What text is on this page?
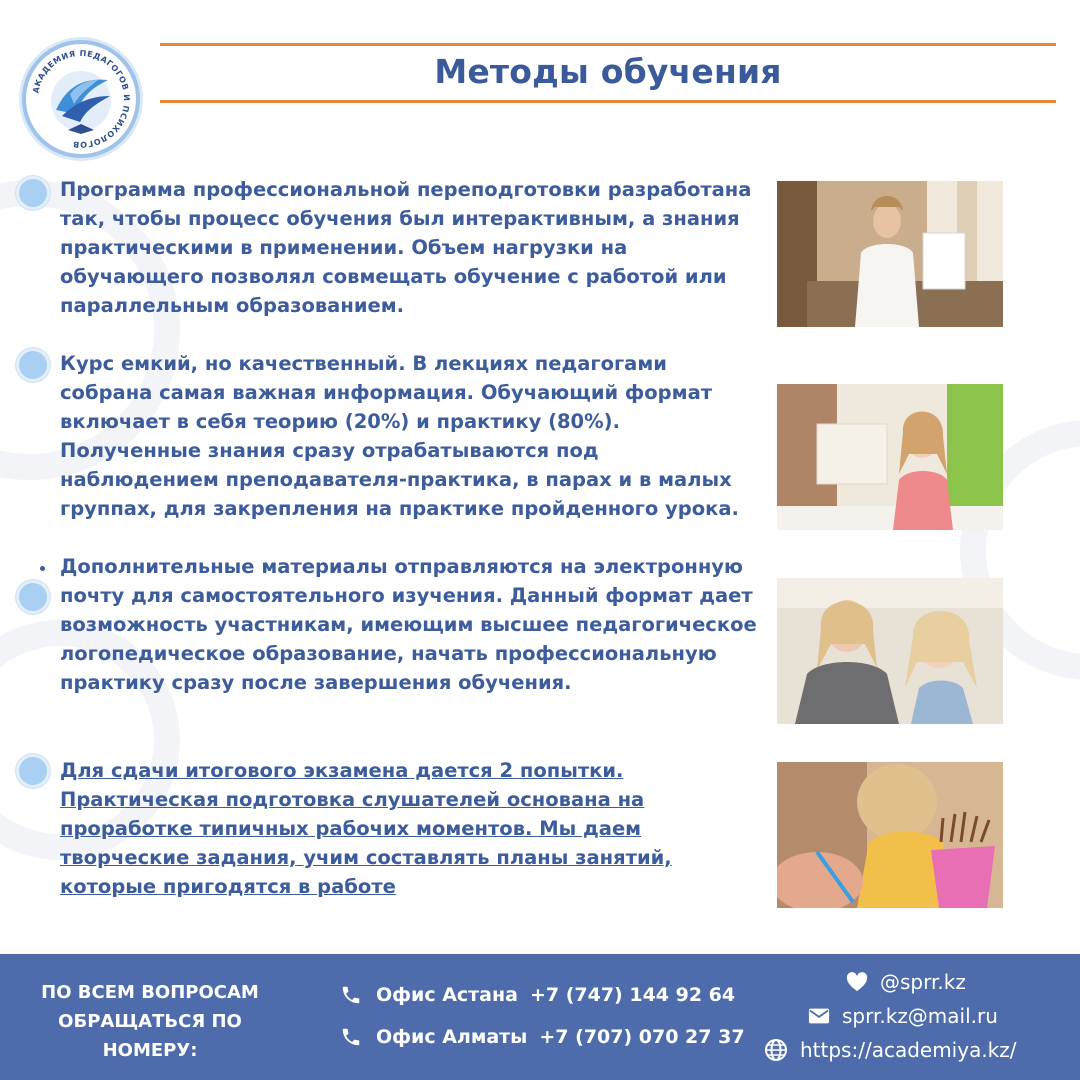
АКАДЕМИЯ ПЕДАГОГОВ И ПСИХОЛОГОВ
Методы обучения
Программа профессиональной переподготовки разработана так, чтобы процесс обучения был интерактивным, а знания практическими в применении. Объем нагрузки на обучающего позволял совмещать обучение с работой или параллельным образованием.
Курс емкий, но качественный. В лекциях педагогами собрана самая важная информация. Обучающий формат включает в себя теорию (20%) и практику (80%). Полученные знания сразу отрабатываются под наблюдением преподавателя-практика, в парах и в малых группах, для закрепления на практике пройденного урока.
Дополнительные материалы отправляются на электронную почту для самостоятельного изучения. Данный формат дает возможность участникам, имеющим высшее педагогическое логопедическое образование, начать профессиональную практику сразу после завершения обучения.
Для сдачи итогового экзамена дается 2 попытки. Практическая подготовка слушателей основана на проработке типичных рабочих моментов. Мы даем творческие задания, учим составлять планы занятий, которые пригодятся в работе
ПО ВСЕМ ВОПРОСАМ ОБРАЩАТЬСЯ ПО НОМЕРУ:
Офис Астана +7 (747) 144 92 64
Офис Алматы +7 (707) 070 27 37
@sprr.kz
sprr.kz@mail.ru
https://academiya.kz/
